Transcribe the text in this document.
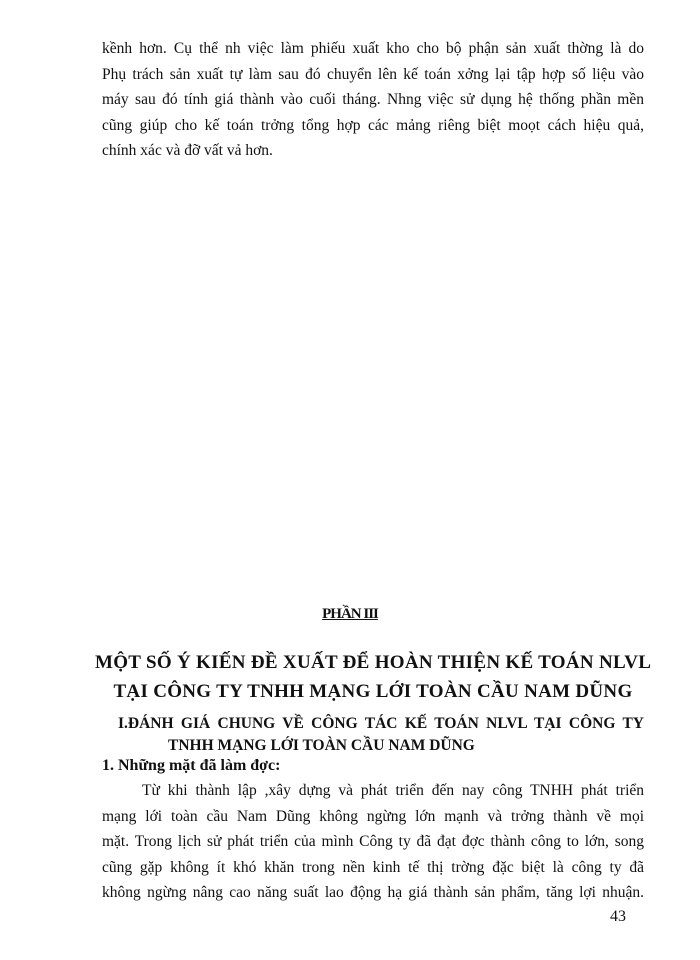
kềnh hơn. Cụ thể nh việc làm phiếu xuất kho cho bộ phận sản xuất thờng là do
Phụ trách sản xuất tự làm sau đó chuyển lên kế toán xởng lại tập hợp số liệu vào
máy sau đó tính giá thành vào cuối tháng. Nhng việc sử dụng hệ thống phần mền
cũng giúp cho kế toán trởng tổng hợp các mảng riêng biệt moọt cách hiệu quả,
chính xác và đỡ vất vả hơn.
PHẦN III
MỘT SỐ Ý KIẾN ĐỀ XUẤT ĐỂ HOÀN THIỆN KẾ TOÁN NLVL
TẠI CÔNG TY TNHH MẠNG LỚI TOÀN CẦU NAM DŨNG
I.ĐÁNH GIÁ CHUNG VỀ CÔNG TÁC KẾ TOÁN NLVL TẠI CÔNG TY
TNHH MẠNG LỚI TOÀN CẦU NAM DŨNG
1. Những mặt đã làm đợc:
Từ khi thành lập ,xây dựng và phát triển đến nay công TNHH phát triển
mạng lới toàn cầu Nam Dũng không ngừng lớn mạnh và trởng thành về mọi
mặt. Trong lịch sử phát triển của mình Công ty đã đạt đợc thành công to lớn, song
cũng gặp không ít khó khăn trong nền kinh tế thị trờng đặc biệt là công ty đã
không ngừng nâng cao năng suất lao động hạ giá thành sản phẩm, tăng lợi nhuận.
43
